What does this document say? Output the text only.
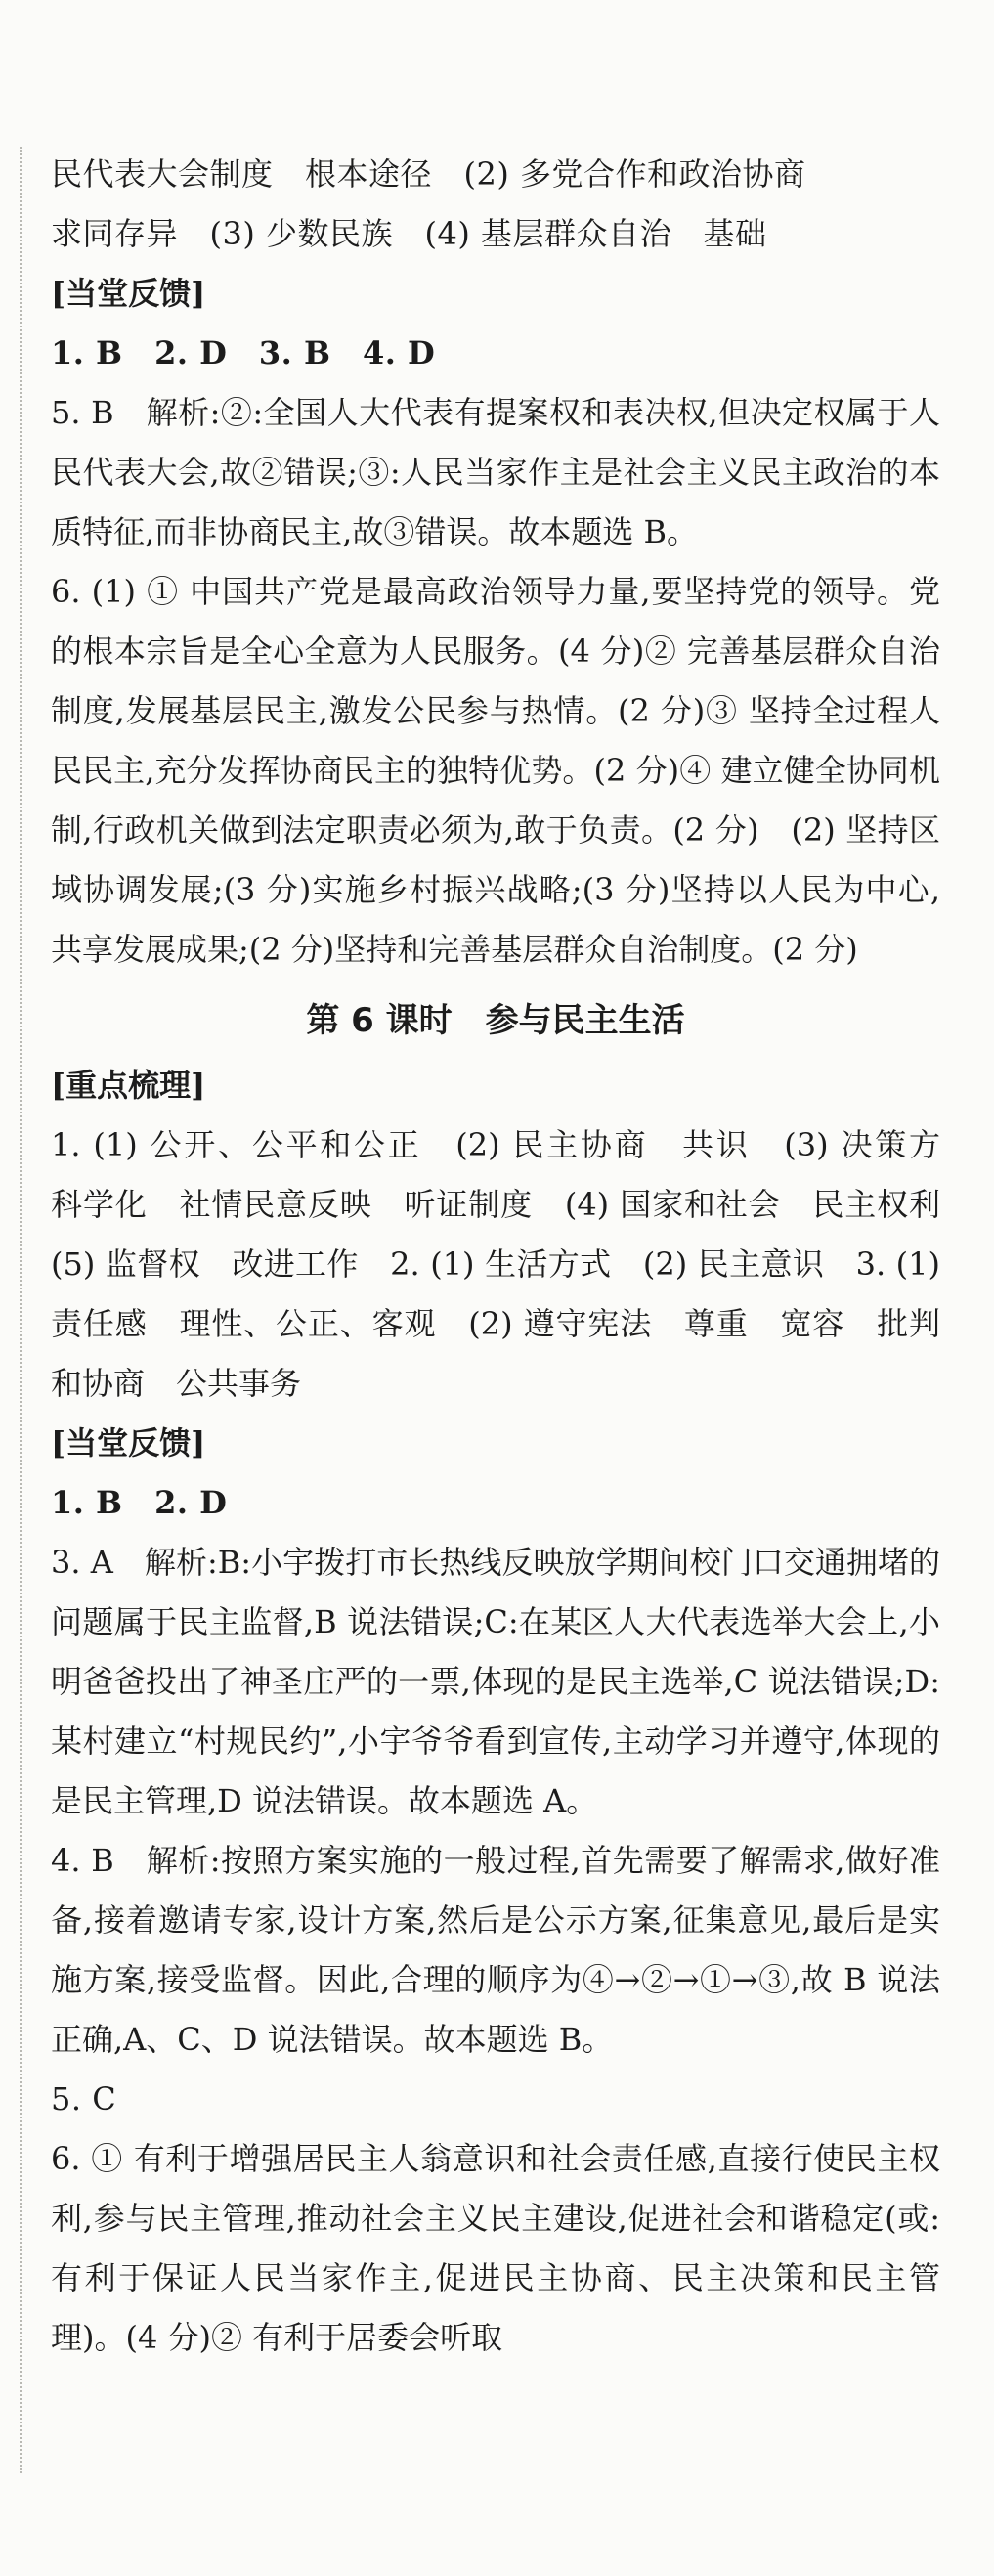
民代表大会制度　根本途径　(2) 多党合作和政治协商
求同存异　(3) 少数民族　(4) 基层群众自治　基础
[当堂反馈]
1. B　2. D　3. B　4. D
5. B　解析:②:全国人大代表有提案权和表决权,但决定权属于人民代表大会,故②错误;③:人民当家作主是社会主义民主政治的本质特征,而非协商民主,故③错误。故本题选 B。
6. (1) ① 中国共产党是最高政治领导力量,要坚持党的领导。党的根本宗旨是全心全意为人民服务。(4 分)② 完善基层群众自治制度,发展基层民主,激发公民参与热情。(2 分)③ 坚持全过程人民民主,充分发挥协商民主的独特优势。(2 分)④ 建立健全协同机制,行政机关做到法定职责必须为,敢于负责。(2 分)　(2) 坚持区域协调发展;(3 分)实施乡村振兴战略;(3 分)坚持以人民为中心,共享发展成果;(2 分)坚持和完善基层群众自治制度。(2 分)
第 6 课时　参与民主生活
[重点梳理]
1. (1) 公开、公平和公正　(2) 民主协商　共识　(3) 决策方　科学化　社情民意反映　听证制度　(4) 国家和社会　民主权利　(5) 监督权　改进工作　2. (1) 生活方式　(2) 民主意识　3. (1) 责任感　理性、公正、客观　(2) 遵守宪法　尊重　宽容　批判和协商　公共事务
[当堂反馈]
1. B　2. D
3. A　解析:B:小宇拨打市长热线反映放学期间校门口交通拥堵的问题属于民主监督,B 说法错误;C:在某区人大代表选举大会上,小明爸爸投出了神圣庄严的一票,体现的是民主选举,C 说法错误;D:某村建立“村规民约”,小宇爷爷看到宣传,主动学习并遵守,体现的是民主管理,D 说法错误。故本题选 A。
4. B　解析:按照方案实施的一般过程,首先需要了解需求,做好准备,接着邀请专家,设计方案,然后是公示方案,征集意见,最后是实施方案,接受监督。因此,合理的顺序为④→②→①→③,故 B 说法正确,A、C、D 说法错误。故本题选 B。
5. C
6. ① 有利于增强居民主人翁意识和社会责任感,直接行使民主权利,参与民主管理,推动社会主义民主建设,促进社会和谐稳定(或:有利于保证人民当家作主,促进民主协商、民主决策和民主管理)。(4 分)② 有利于居委会听取
